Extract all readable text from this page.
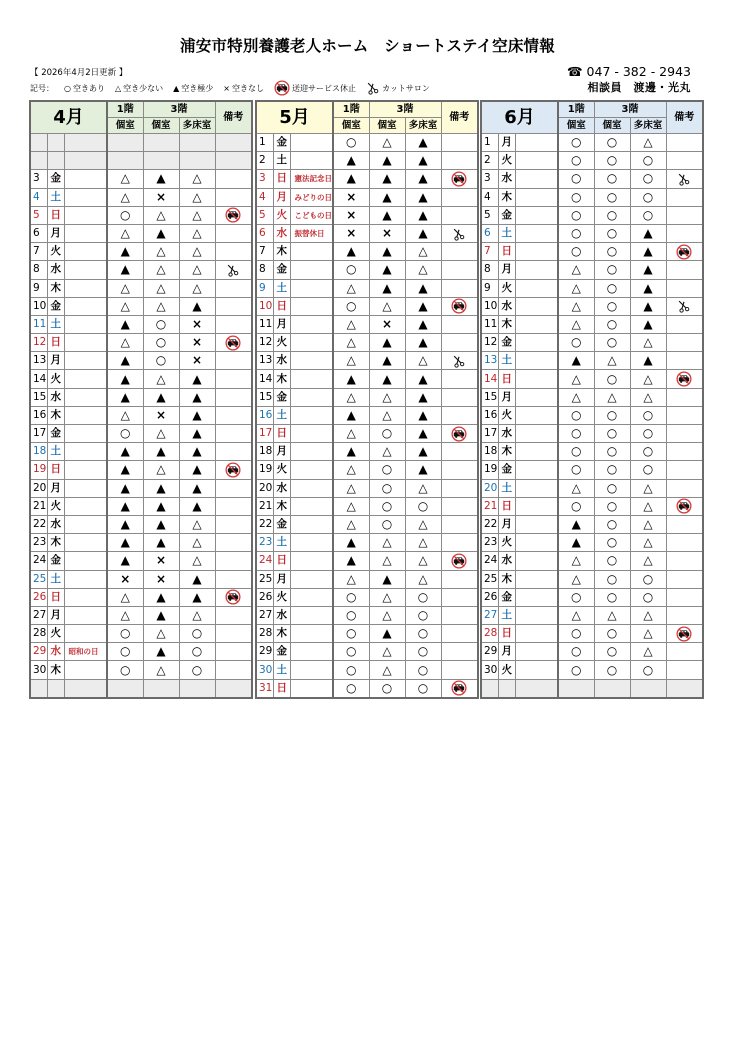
浦安市特別養護老人ホーム　ショートステイ空床情報
【 2026年4月2日更新 】
記号： ○ 空きあり △ 空き少ない ▲ 空き極少 × 空きなし	送迎サービス休止	カットサロン
☎ 047 - 382 - 2943
相談員　渡邊・光丸
4月			1階	3階		備考
			個室	個室	多床室	

3	金		△	▲	△	
4	土		△	×	△	
5	日		○	△	△	
6	月		△	▲	△	
7	火		▲	△	△	
8	水		▲	△	△	
9	木		△	△	△	
10	金		△	△	▲	
11	土		▲	○	×	
12	日		△	○	×	
13	月		▲	○	×	
14	火		▲	△	▲	
15	水		▲	▲	▲	
16	木		△	×	▲	
17	金		○	△	▲	
18	土		▲	▲	▲	
19	日		▲	△	▲	
20	月		▲	▲	▲	
21	火		▲	▲	▲	
22	水		▲	▲	△	
23	木		▲	▲	△	
24	金		▲	×	△	
25	土		×	×	▲	
26	日		△	▲	▲	
27	月		△	▲	△	
28	火		○	△	○	
29	水	昭和の日	○	▲	○	
30	木		○	△	○	

5月			1階	3階		備考
			個室	個室	多床室	
1	金		○	△	▲	
2	土		▲	▲	▲	
3	日	憲法記念日	▲	▲	▲	
4	月	みどりの日	×	▲	▲	
5	火	こどもの日	×	▲	▲	
6	水	振替休日	×	×	▲	
7	木		▲	▲	△	
8	金		○	▲	△	
9	土		△	▲	▲	
10	日		○	△	▲	
11	月		△	×	▲	
12	火		△	▲	▲	
13	水		△	▲	△	
14	木		▲	▲	▲	
15	金		△	△	▲	
16	土		▲	△	▲	
17	日		△	○	▲	
18	月		▲	△	▲	
19	火		△	○	▲	
20	水		△	○	△	
21	木		△	○	○	
22	金		△	○	△	
23	土		▲	△	△	
24	日		▲	△	△	
25	月		△	▲	△	
26	火		○	△	○	
27	水		○	△	○	
28	木		○	▲	○	
29	金		○	△	○	
30	土		○	△	○	
31	日		○	○	○	
6月			1階	3階		備考
			個室	個室	多床室	
1	月		○	○	△	
2	火		○	○	○	
3	水		○	○	○	
4	木		○	○	○	
5	金		○	○	○	
6	土		○	○	▲	
7	日		○	○	▲	
8	月		△	○	▲	
9	火		△	○	▲	
10	水		△	○	▲	
11	木		△	○	▲	
12	金		○	○	△	
13	土		▲	△	▲	
14	日		△	○	△	
15	月		△	△	△	
16	火		○	○	○	
17	水		○	○	○	
18	木		○	○	○	
19	金		○	○	○	
20	土		△	○	△	
21	日		○	○	△	
22	月		▲	○	△	
23	火		▲	○	△	
24	水		△	○	△	
25	木		△	○	○	
26	金		○	○	○	
27	土		△	△	△	
28	日		○	○	△	
29	月		○	○	△	
30	火		○	○	○	
